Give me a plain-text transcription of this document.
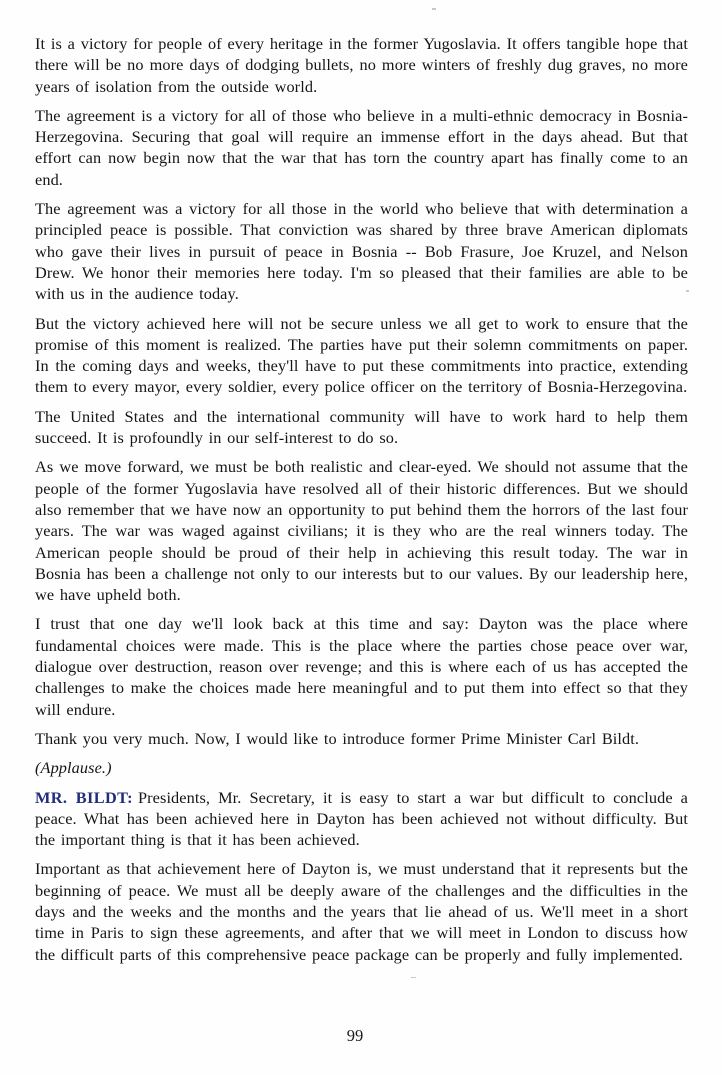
It is a victory for people of every heritage in the former Yugoslavia. It offers tangible hope that there will be no more days of dodging bullets, no more winters of freshly dug graves, no more years of isolation from the outside world.

The agreement is a victory for all of those who believe in a multi-ethnic democracy in Bosnia-Herzegovina. Securing that goal will require an immense effort in the days ahead. But that effort can now begin now that the war that has torn the country apart has finally come to an end.

The agreement was a victory for all those in the world who believe that with determination a principled peace is possible. That conviction was shared by three brave American diplomats who gave their lives in pursuit of peace in Bosnia -- Bob Frasure, Joe Kruzel, and Nelson Drew. We honor their memories here today. I'm so pleased that their families are able to be with us in the audience today.

But the victory achieved here will not be secure unless we all get to work to ensure that the promise of this moment is realized. The parties have put their solemn commitments on paper. In the coming days and weeks, they'll have to put these commitments into practice, extending them to every mayor, every soldier, every police officer on the territory of Bosnia-Herzegovina.

The United States and the international community will have to work hard to help them succeed. It is profoundly in our self-interest to do so.

As we move forward, we must be both realistic and clear-eyed. We should not assume that the people of the former Yugoslavia have resolved all of their historic differences. But we should also remember that we have now an opportunity to put behind them the horrors of the last four years. The war was waged against civilians; it is they who are the real winners today. The American people should be proud of their help in achieving this result today. The war in Bosnia has been a challenge not only to our interests but to our values. By our leadership here, we have upheld both.

I trust that one day we'll look back at this time and say: Dayton was the place where fundamental choices were made. This is the place where the parties chose peace over war, dialogue over destruction, reason over revenge; and this is where each of us has accepted the challenges to make the choices made here meaningful and to put them into effect so that they will endure.

Thank you very much. Now, I would like to introduce former Prime Minister Carl Bildt.

(Applause.)

MR. BILDT: Presidents, Mr. Secretary, it is easy to start a war but difficult to conclude a peace. What has been achieved here in Dayton has been achieved not without difficulty. But the important thing is that it has been achieved.

Important as that achievement here of Dayton is, we must understand that it represents but the beginning of peace. We must all be deeply aware of the challenges and the difficulties in the days and the weeks and the months and the years that lie ahead of us. We'll meet in a short time in Paris to sign these agreements, and after that we will meet in London to discuss how the difficult parts of this comprehensive peace package can be properly and fully implemented.

99
